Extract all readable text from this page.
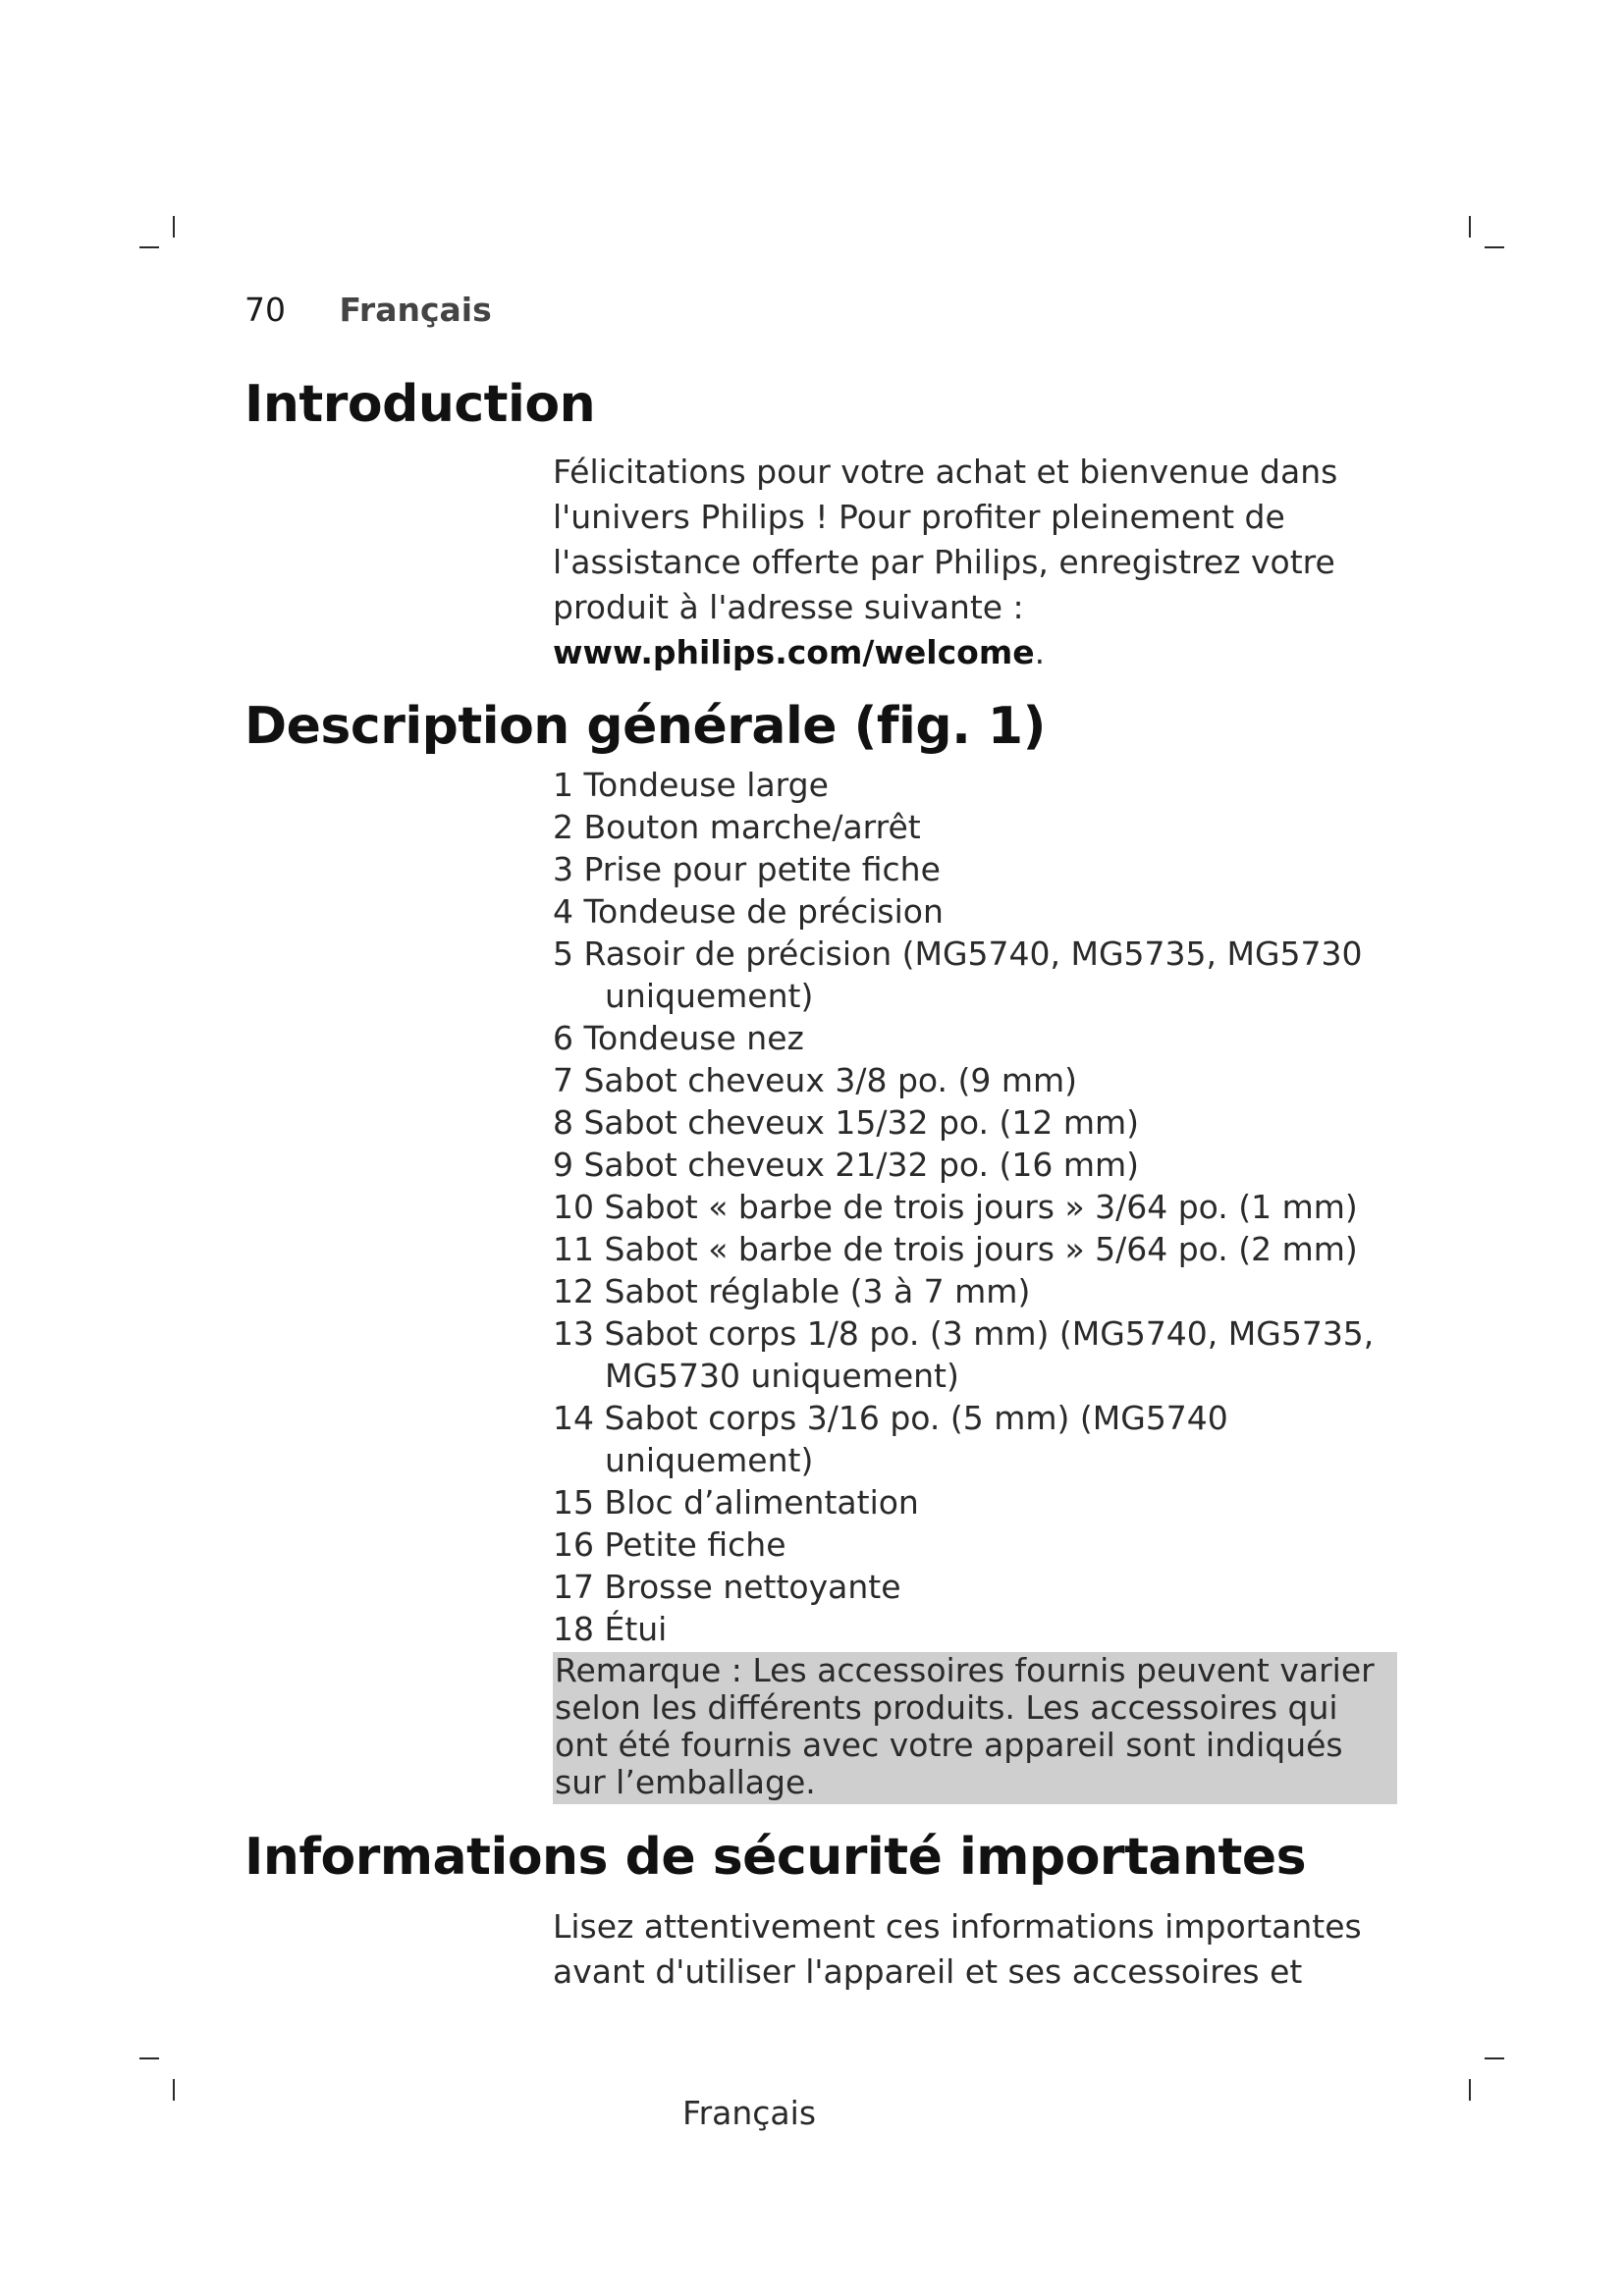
70 Français
Introduction
Félicitations pour votre achat et bienvenue dans
l'univers Philips ! Pour profiter pleinement de
l'assistance offerte par Philips, enregistrez votre
produit à l'adresse suivante :
www.philips.com/welcome.
Description générale (fig. 1)
1 Tondeuse large
2 Bouton marche/arrêt
3 Prise pour petite fiche
4 Tondeuse de précision
5 Rasoir de précision (MG5740, MG5735, MG5730
uniquement)
6 Tondeuse nez
7 Sabot cheveux 3/8 po. (9 mm)
8 Sabot cheveux 15/32 po. (12 mm)
9 Sabot cheveux 21/32 po. (16 mm)
10 Sabot « barbe de trois jours » 3/64 po. (1 mm)
11 Sabot « barbe de trois jours » 5/64 po. (2 mm)
12 Sabot réglable (3 à 7 mm)
13 Sabot corps 1/8 po. (3 mm) (MG5740, MG5735,
MG5730 uniquement)
14 Sabot corps 3/16 po. (5 mm) (MG5740
uniquement)
15 Bloc d’alimentation
16 Petite fiche
17 Brosse nettoyante
18 Étui
Remarque : Les accessoires fournis peuvent varier
selon les différents produits. Les accessoires qui
ont été fournis avec votre appareil sont indiqués
sur l’emballage.
Informations de sécurité importantes
Lisez attentivement ces informations importantes
avant d'utiliser l'appareil et ses accessoires et
Français
